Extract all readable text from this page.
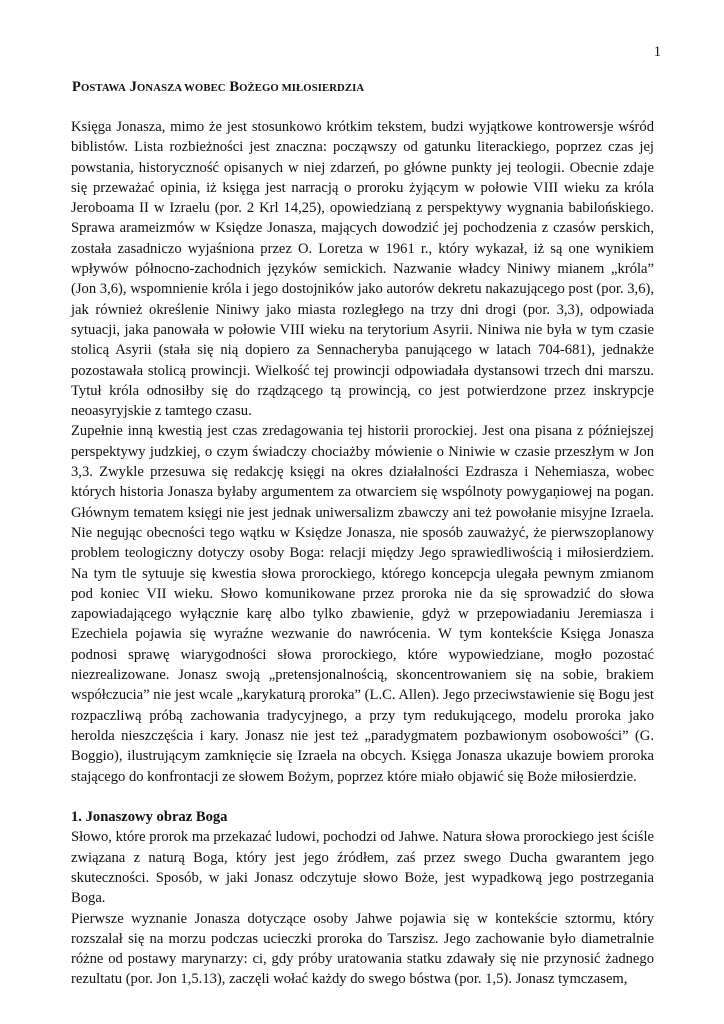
1
POSTAWA JONASZA WOBEC BOŻEGO MIŁOSIERDZIA

Księga Jonasza, mimo że jest stosunkowo krótkim tekstem, budzi wyjątkowe kontrowersje wśród biblistów. Lista rozbieżności jest znaczna: począwszy od gatunku literackiego, poprzez czas jej powstania, historyczność opisanych w niej zdarzeń, po główne punkty jej teologii. Obecnie zdaje się przeważać opinia, iż księga jest narracją o proroku żyjącym w połowie VIII wieku za króla Jeroboama II w Izraelu (por. 2 Krl 14,25), opowiedzianą z perspektywy wygnania babilońskiego. Sprawa arameizmów w Księdze Jonasza, mających dowodzić jej pochodzenia z czasów perskich, została zasadniczo wyjaśniona przez O. Loretza w 1961 r., który wykazał, iż są one wynikiem wpływów północno-zachodnich języków semickich. Nazwanie władcy Niniwy mianem „króla” (Jon 3,6), wspomnienie króla i jego dostojników jako autorów dekretu nakazującego post (por. 3,6), jak również określenie Niniwy jako miasta rozległego na trzy dni drogi (por. 3,3), odpowiada sytuacji, jaka panowała w połowie VIII wieku na terytorium Asyrii. Niniwa nie była w tym czasie stolicą Asyrii (stała się nią dopiero za Sennacheryba panującego w latach 704-681), jednakże pozostawała stolicą prowincji. Wielkość tej prowincji odpowiadała dystansowi trzech dni marszu. Tytuł króla odnosiłby się do rządzącego tą prowincją, co jest potwierdzone przez inskrypcje neoasyryjskie z tamtego czasu.

Zupełnie inną kwestią jest czas zredagowania tej historii prorockiej. Jest ona pisana z późniejszej perspektywy judzkiej, o czym świadczy chociażby mówienie o Niniwie w czasie przeszłym w Jon 3,3. Zwykle przesuwa się redakcję księgi na okres działalności Ezdrasza i Nehemiasza, wobec których historia Jonasza byłaby argumentem za otwarciem się wspólnoty powygaņiowej na pogan. Głównym tematem księgi nie jest jednak uniwersalizm zbawczy ani też powołanie misyjne Izraela. Nie negując obecności tego wątku w Księdze Jonasza, nie sposób zauważyć, że pierwszoplanowy problem teologiczny dotyczy osoby Boga: relacji między Jego sprawiedliwością i miłosierdziem. Na tym tle sytuuje się kwestia słowa prorockiego, którego koncepcja ulegała pewnym zmianom pod koniec VII wieku. Słowo komunikowane przez proroka nie da się sprowadzić do słowa zapowiadającego wyłącznie karę albo tylko zbawienie, gdyż w przepowiadaniu Jeremiasza i Ezechiela pojawia się wyraźne wezwanie do nawrócenia. W tym kontekście Księga Jonasza podnosi sprawę wiarygodności słowa prorockiego, które wypowiedziane, mogło pozostać niezrealizowane. Jonasz swoją „pretensjonalnością, skoncentrowaniem się na sobie, brakiem współczucia” nie jest wcale „karykaturą proroka” (L.C. Allen). Jego przeciwstawienie się Bogu jest rozpaczliwą próbą zachowania tradycyjnego, a przy tym redukującego, modelu proroka jako herolda nieszczęścia i kary. Jonasz nie jest też „paradygmatem pozbawionym osobowości” (G. Boggio), ilustrującym zamknięcie się Izraela na obcych. Księga Jonasza ukazuje bowiem proroka stającego do konfrontacji ze słowem Bożym, poprzez które miało objawić się Boże miłosierdzie.

1. Jonaszowy obraz Boga

Słowo, które prorok ma przekazać ludowi, pochodzi od Jahwe. Natura słowa prorockiego jest ściśle związana z naturą Boga, który jest jego źródłem, zaś przez swego Ducha gwarantem jego skuteczności. Sposób, w jaki Jonasz odczytuje słowo Boże, jest wypadkową jego postrzegania Boga.

Pierwsze wyznanie Jonasza dotyczące osoby Jahwe pojawia się w kontekście sztormu, który rozszalał się na morzu podczas ucieczki proroka do Tarszisz. Jego zachowanie było diametralnie różne od postawy marynarzy: ci, gdy próby uratowania statku zdawały się nie przynosić żadnego rezultatu (por. Jon 1,5.13), zaczęli wołać każdy do swego bóstwa (por. 1,5). Jonasz tymczasem,
